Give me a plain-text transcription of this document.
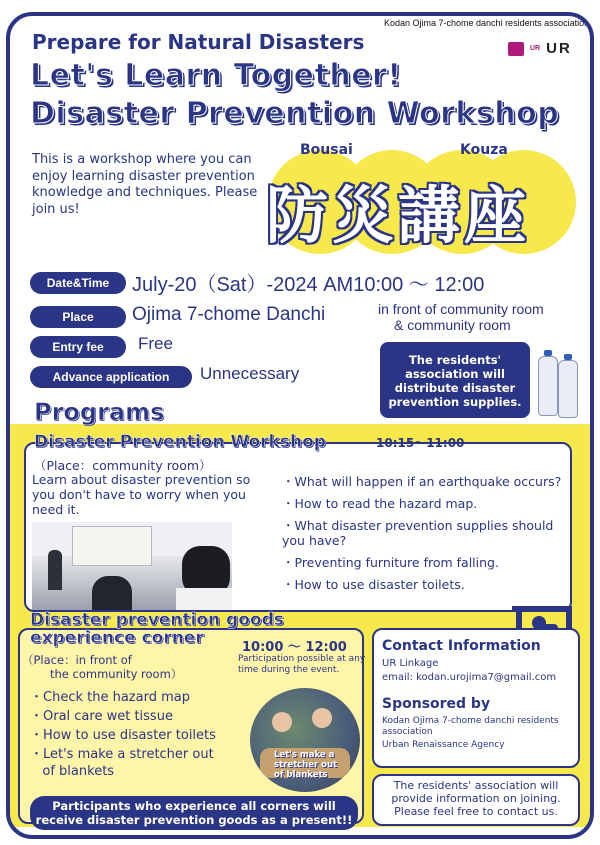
Kodan Ojima 7-chome danchi residents association
UR UR
Prepare for Natural Disasters
Let's Learn Together!
Disaster Prevention Workshop
This is a workshop where you can enjoy learning disaster prevention knowledge and techniques. Please join us!
Bousai	Kouza
防災講座
Date&Time	July-20（Sat）-2024 AM10:00 ～ 12:00
Place	Ojima 7-chome Danchi	in front of community room
& community room
Entry fee	Free
Advance application	Unnecessary
The residents' association will distribute disaster prevention supplies.
Programs
Disaster Prevention Workshop	10:15～11:00
（Place：community room）
Learn about disaster prevention so you don't have to worry when you need it.
・What will happen if an earthquake occurs?
・How to read the hazard map.
・What disaster prevention supplies should you have?
・Preventing furniture from falling.
・How to use disaster toilets.
Disaster prevention goods
experience corner	10:00 ～ 12:00
Participation possible at any time during the event.
（Place：in front of
the community room）
・Check the hazard map
・Oral care wet tissue
・How to use disaster toilets
・Let's make a stretcher out
of blankets
Let's make a stretcher out of blankets
Participants who experience all corners will receive disaster prevention goods as a present!!
Contact Information
UR Linkage
email: kodan.urojima7@gmail.com
Sponsored by
Kodan Ojima 7-chome danchi residents association
Urban Renaissance Agency
The residents' association will provide information on joining. Please feel free to contact us.
